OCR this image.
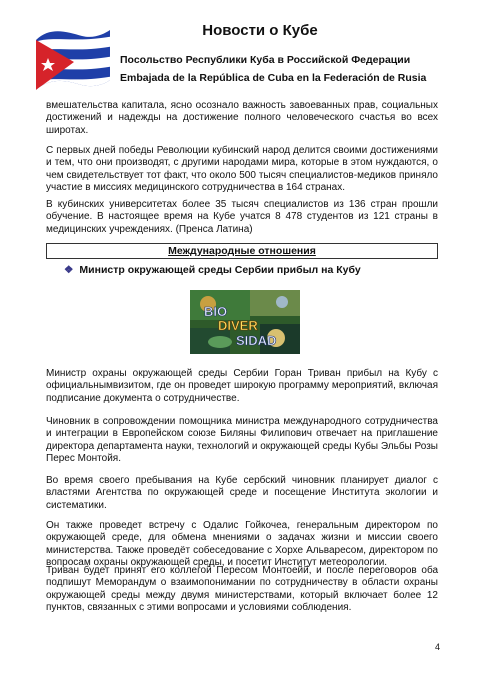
Новости о Кубе
Посольство Республики Куба в Российской Федерации
Embajada de la República de Cuba en la Federación de Rusia

вмешательства капитала, ясно осознало важность завоеванных прав, социальных достижений и надежды на достижение полного человеческого счастья во всех широтах.

С первых дней победы Революции кубинский народ делится своими достижениями и тем, что они производят, с другими народами мира, которые в этом нуждаются, о чем свидетельствует тот факт, что около 500 тысяч специалистов-медиков приняло участие в миссиях медицинского сотрудничества в 164 странах.

В кубинских университетах более 35 тысяч специалистов из 136 стран прошли обучение. В настоящее время на Кубе учатся 8 478 студентов из 121 страны в медицинских учреждениях. (Пренса Латина)

Международные отношения
❖ Министр окружающей среды Сербии прибыл на Кубу
BIO
DIVER
SIDAD

Министр охраны окружающей среды Сербии Горан Триван прибыл на Кубу с официальнымвизитом, где он проведет широкую программу мероприятий, включая подписание документа о сотрудничестве.

Чиновник в сопровождении помощника министра международного сотрудничества и интеграции в Европейском союзе Биляны Филипович отвечает на приглашение директора департамента науки, технологий и окружающей среды Кубы Эльбы Розы Перес Монтойя.

Во время своего пребывания на Кубе сербский чиновник планирует диалог с властями Агентства по окружающей среде и посещение Института экологии и систематики.

Он также проведет встречу с Одалис Гойкочеа, генеральным директором по окружающей среде, для обмена мнениями о задачах жизни и миссии своего министерства. Также проведёт собеседование с Хорхе Альваресом, директором по вопросам охраны окружающей среды, и посетит Институт метеорологии.

Триван будет принят его коллегой Пересом Монтоейй, и после переговоров оба подпишут Меморандум о взаимопонимании по сотрудничеству в области охраны окружающей среды между двумя министерствами, который включает более 12 пунктов, связанных с этими вопросами и условиями соблюдения.

4
